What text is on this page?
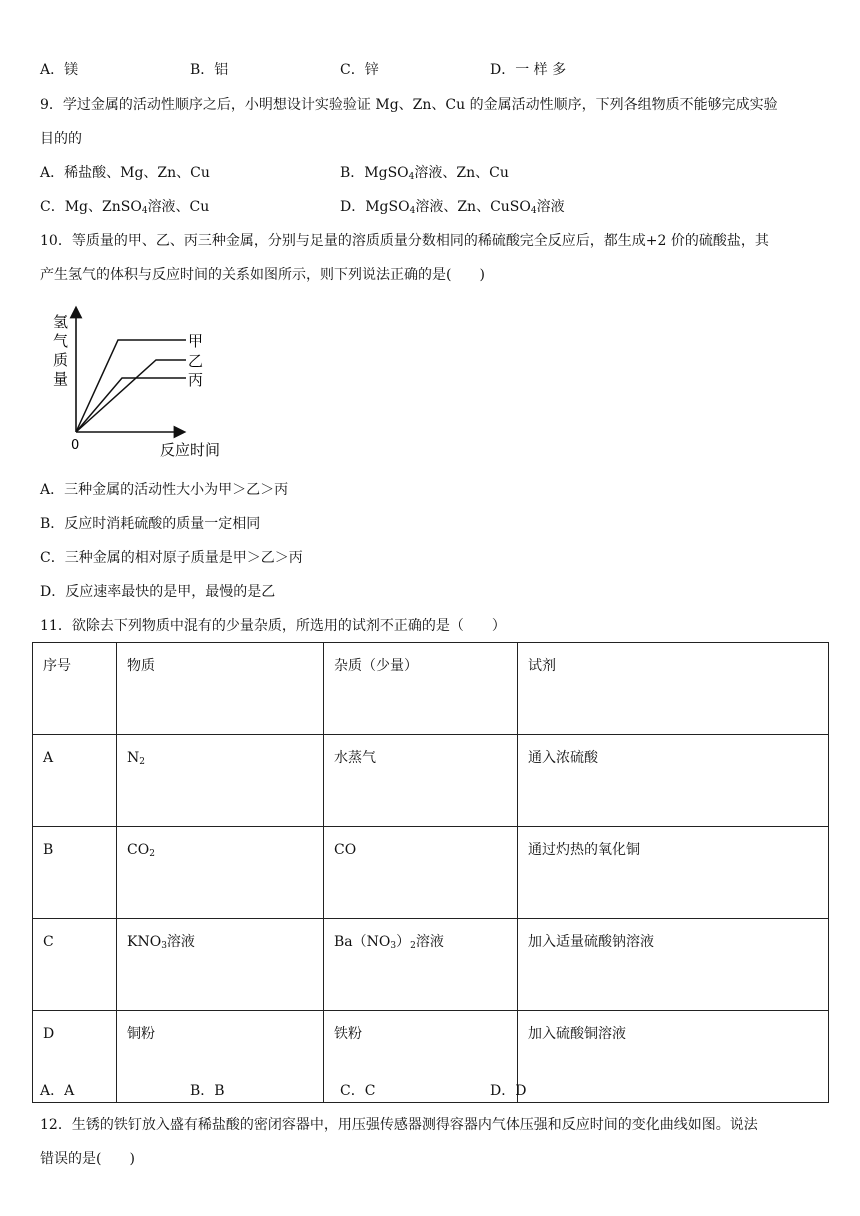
A．镁	B．铝	C．锌	D．一 样 多
9．学过金属的活动性顺序之后，小明想设计实验验证 Mg、Zn、Cu 的金属活动性顺序，下列各组物质不能够完成实验
目的的
A．稀盐酸、Mg、Zn、Cu	B．MgSO$_4$溶液、Zn、Cu
C．Mg、ZnSO$_4$溶液、Cu	D．MgSO$_4$溶液、Zn、CuSO$_4$溶液
10．等质量的甲、乙、丙三种金属，分别与足量的溶质质量分数相同的稀硫酸完全反应后，都生成+2 价的硫酸盐，其
产生氢气的体积与反应时间的关系如图所示，则下列说法正确的是(　　)
氢
气
质
量
0	反应时间
甲
乙
丙
A．三种金属的活动性大小为甲＞乙＞丙
B．反应时消耗硫酸的质量一定相同
C．三种金属的相对原子质量是甲＞乙＞丙
D．反应速率最快的是甲，最慢的是乙
11．欲除去下列物质中混有的少量杂质，所选用的试剂不正确的是（　　）
序号	物质	杂质（少量）	试剂
A	$N_2$	水蒸气	通入浓硫酸
B	$CO_2$	CO	通过灼热的氧化铜
C	$KNO_3$溶液	$Ba(NO_3)_2$溶液	加入适量硫酸钠溶液
D	铜粉	铁粉	加入硫酸铜溶液
A．A	B．B	C．C	D．D
12．生锈的铁钉放入盛有稀盐酸的密闭容器中，用压强传感器测得容器内气体压强和反应时间的变化曲线如图。说法
错误的是(　　)
